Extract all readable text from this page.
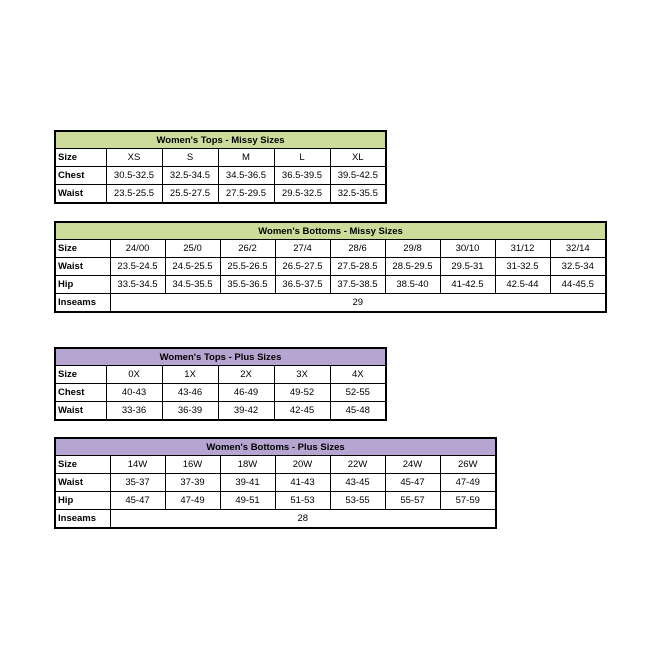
Women's Tops - Missy Sizes					
Size	XS	S	M	L	XL
Chest	30.5-32.5	32.5-34.5	34.5-36.5	36.5-39.5	39.5-42.5
Waist	23.5-25.5	25.5-27.5	27.5-29.5	29.5-32.5	32.5-35.5
Women's Bottoms - Missy Sizes									
Size	24/00	25/0	26/2	27/4	28/6	29/8	30/10	31/12	32/14
Waist	23.5-24.5	24.5-25.5	25.5-26.5	26.5-27.5	27.5-28.5	28.5-29.5	29.5-31	31-32.5	32.5-34
Hip	33.5-34.5	34.5-35.5	35.5-36.5	36.5-37.5	37.5-38.5	38.5-40	41-42.5	42.5-44	44-45.5
Inseams	29								
Women's Tops - Plus Sizes					
Size	0X	1X	2X	3X	4X
Chest	40-43	43-46	46-49	49-52	52-55
Waist	33-36	36-39	39-42	42-45	45-48
Women's Bottoms - Plus Sizes							
Size	14W	16W	18W	20W	22W	24W	26W
Waist	35-37	37-39	39-41	41-43	43-45	45-47	47-49
Hip	45-47	47-49	49-51	51-53	53-55	55-57	57-59
Inseams	28						
